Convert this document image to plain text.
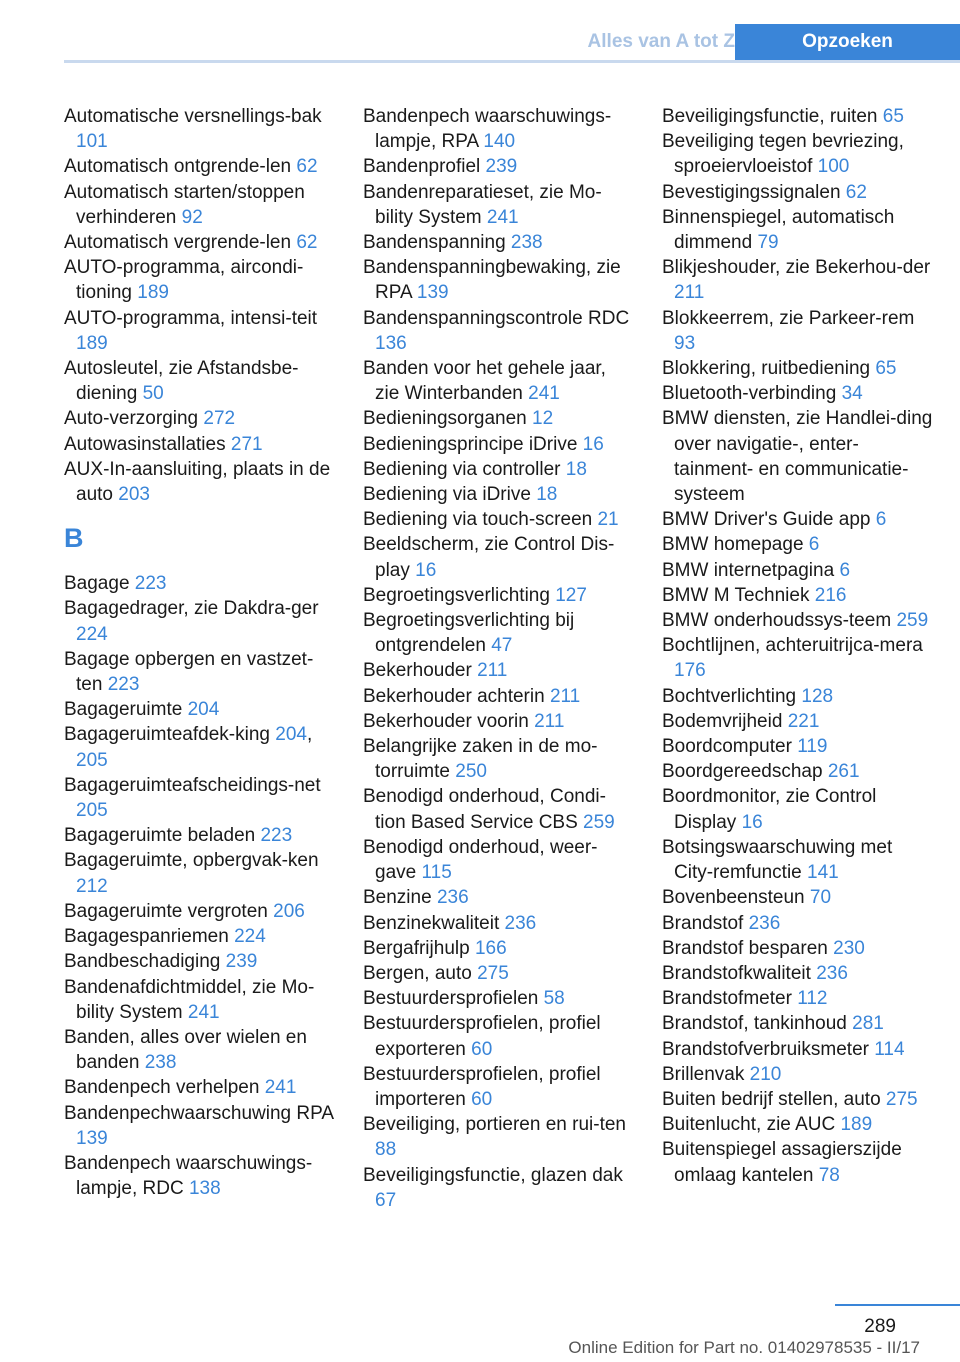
Alles van A tot Z	Opzoeken
Automatische versnellings-bak 101
Automatisch ontgrende-len 62
Automatisch starten/stoppen verhinderen 92
Automatisch vergrende-len 62
AUTO-programma, aircondi-tioning 189
AUTO-programma, intensi-teit 189
Autosleutel, zie Afstandsbe-diening 50
Auto-verzorging 272
Autowasinstallaties 271
AUX-In-aansluiting, plaats in de auto 203
B
Bagage 223
Bagagedrager, zie Dakdra-ger 224
Bagage opbergen en vastzet-ten 223
Bagageruimte 204
Bagageruimteafdek-king 204, 205
Bagageruimteafscheidings-net 205
Bagageruimte beladen 223
Bagageruimte, opbergvak-ken 212
Bagageruimte vergroten 206
Bagagespanriemen 224
Bandbeschadiging 239
Bandenafdichtmiddel, zie Mo-bility System 241
Banden, alles over wielen en banden 238
Bandenpech verhelpen 241
Bandenpechwaarschuwing RPA 139
Bandenpech waarschuwings-lampje, RDC 138
Bandenpech waarschuwings-lampje, RPA 140
Bandenprofiel 239
Bandenreparatieset, zie Mo-bility System 241
Bandenspanning 238
Bandenspanningbewaking, zie RPA 139
Bandenspanningscontrole RDC 136
Banden voor het gehele jaar, zie Winterbanden 241
Bedieningsorganen 12
Bedieningsprincipe iDrive 16
Bediening via controller 18
Bediening via iDrive 18
Bediening via touch-screen 21
Beeldscherm, zie Control Dis-play 16
Begroetingsverlichting 127
Begroetingsverlichting bij ontgrendelen 47
Bekerhouder 211
Bekerhouder achterin 211
Bekerhouder voorin 211
Belangrijke zaken in de mo-torruimte 250
Benodigd onderhoud, Condi-tion Based Service CBS 259
Benodigd onderhoud, weer-gave 115
Benzine 236
Benzinekwaliteit 236
Bergafrijhulp 166
Bergen, auto 275
Bestuurdersprofielen 58
Bestuurdersprofielen, profiel exporteren 60
Bestuurdersprofielen, profiel importeren 60
Beveiliging, portieren en rui-ten 88
Beveiligingsfunctie, glazen dak 67
Beveiligingsfunctie, ruiten 65
Beveiliging tegen bevriezing, sproeiervloeistof 100
Bevestigingssignalen 62
Binnenspiegel, automatisch dimmend 79
Blikjeshouder, zie Bekerhou-der 211
Blokkeerrem, zie Parkeer-rem 93
Blokkering, ruitbediening 65
Bluetooth-verbinding 34
BMW diensten, zie Handlei-ding over navigatie-, enter-tainment- en communicatie-systeem
BMW Driver's Guide app 6
BMW homepage 6
BMW internetpagina 6
BMW M Techniek 216
BMW onderhoudssys-teem 259
Bochtlijnen, achteruitrijca-mera 176
Bochtverlichting 128
Bodemvrijheid 221
Boordcomputer 119
Boordgereedschap 261
Boordmonitor, zie Control Display 16
Botsingswaarschuwing met City-remfunctie 141
Bovenbeensteun 70
Brandstof 236
Brandstof besparen 230
Brandstofkwaliteit 236
Brandstofmeter 112
Brandstof, tankinhoud 281
Brandstofverbruiksmeter 114
Brillenvak 210
Buiten bedrijf stellen, auto 275
Buitenlucht, zie AUC 189
Buitenspiegel assagierszijde omlaag kantelen 78
289
Online Edition for Part no. 01402978535 - II/17
